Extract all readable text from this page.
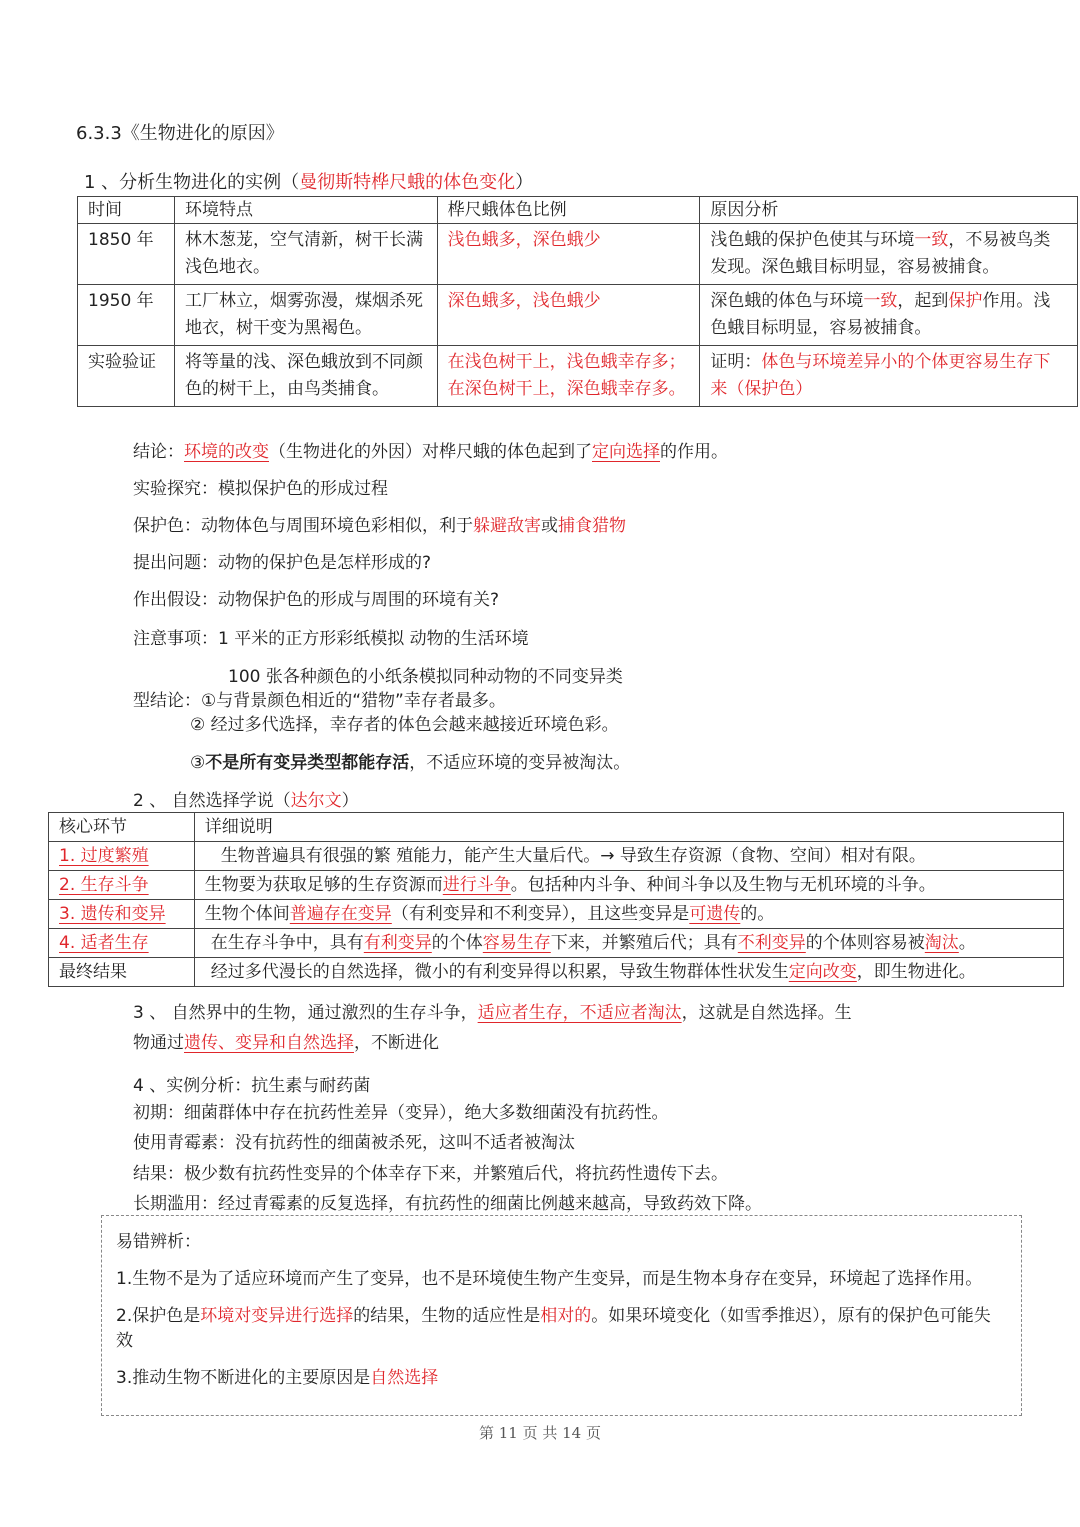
6.3.3《生物进化的原因》
1 、分析生物进化的实例（曼彻斯特桦尺蛾的体色变化）
时间	环境特点	桦尺蛾体色比例	原因分析
1850 年	林木葱茏，空气清新，树干长满浅色地衣。	浅色蛾多，深色蛾少	浅色蛾的保护色使其与环境一致，不易被鸟类发现。深色蛾目标明显，容易被捕食。
1950 年	工厂林立，烟雾弥漫，煤烟杀死地衣，树干变为黑褐色。	深色蛾多，浅色蛾少	深色蛾的体色与环境一致，起到保护作用。浅色蛾目标明显，容易被捕食。
实验验证	将等量的浅、深色蛾放到不同颜色的树干上，由鸟类捕食。	在浅色树干上，浅色蛾幸存多；在深色树干上，深色蛾幸存多。	证明：体色与环境差异小的个体更容易生存下来（保护色）
结论：环境的改变（生物进化的外因）对桦尺蛾的体色起到了定向选择的作用。
实验探究：模拟保护色的形成过程
保护色：动物体色与周围环境色彩相似，利于躲避敌害或捕食猎物
提出问题：动物的保护色是怎样形成的?
作出假设：动物保护色的形成与周围的环境有关?
注意事项：1 平米的正方形彩纸模拟 动物的生活环境
100 张各种颜色的小纸条模拟同种动物的不同变异类
型结论：①与背景颜色相近的“猎物”幸存者最多。
② 经过多代选择，幸存者的体色会越来越接近环境色彩。
③不是所有变异类型都能存活，不适应环境的变异被淘汰。
2 、 自然选择学说（达尔文）
核心环节	详细说明
1. 过度繁殖	生物普遍具有很强的繁 殖能力，能产生大量后代。→ 导致生存资源（食物、空间）相对有限。
2. 生存斗争	生物要为获取足够的生存资源而进行斗争。包括种内斗争、种间斗争以及生物与无机环境的斗争。
3. 遗传和变异	生物个体间普遍存在变异（有利变异和不利变异），且这些变异是可遗传的。
4. 适者生存	在生存斗争中，具有有利变异的个体容易生存下来，并繁殖后代；具有不利变异的个体则容易被淘汰。
最终结果	经过多代漫长的自然选择，微小的有利变异得以积累，导致生物群体性状发生定向改变，即生物进化。
3 、 自然界中的生物，通过激烈的生存斗争，适应者生存，不适应者淘汰，这就是自然选择。生
物通过遗传、变异和自然选择，不断进化
4 、实例分析：抗生素与耐药菌
初期：细菌群体中存在抗药性差异（变异），绝大多数细菌没有抗药性。
使用青霉素：没有抗药性的细菌被杀死，这叫不适者被淘汰
结果：极少数有抗药性变异的个体幸存下来，并繁殖后代，将抗药性遗传下去。
长期滥用：经过青霉素的反复选择，有抗药性的细菌比例越来越高，导致药效下降。

易错辨析：

1.生物不是为了适应环境而产生了变异，也不是环境使生物产生变异，而是生物本身存在变异，环境起了选择作用。

2.保护色是环境对变异进行选择的结果，生物的适应性是相对的。如果环境变化（如雪季推迟），原有的保护色可能失效

3.推动生物不断进化的主要原因是自然选择

第 11 页 共 14 页
